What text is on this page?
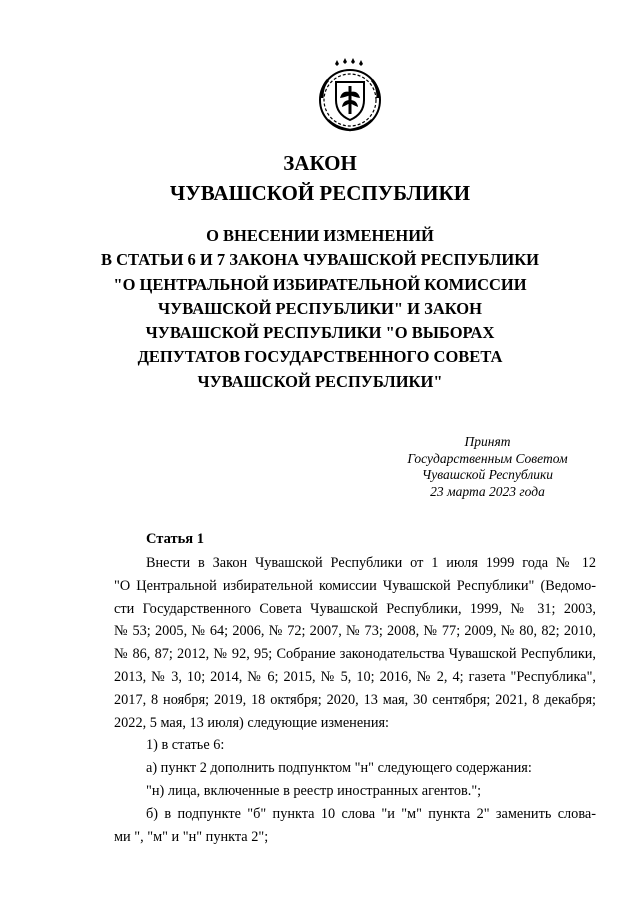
ЗАКОН
ЧУВАШСКОЙ РЕСПУБЛИКИ
О ВНЕСЕНИИ ИЗМЕНЕНИЙ
В СТАТЬИ 6 И 7 ЗАКОНА ЧУВАШСКОЙ РЕСПУБЛИКИ
"О ЦЕНТРАЛЬНОЙ ИЗБИРАТЕЛЬНОЙ КОМИССИИ
ЧУВАШСКОЙ РЕСПУБЛИКИ" И ЗАКОН
ЧУВАШСКОЙ РЕСПУБЛИКИ "О ВЫБОРАХ
ДЕПУТАТОВ ГОСУДАРСТВЕННОГО СОВЕТА
ЧУВАШСКОЙ РЕСПУБЛИКИ"
Принят
Государственным Советом
Чувашской Республики
23 марта 2023 года
Статья 1
Внести в Закон Чувашской Республики от 1 июля 1999 года № 12
"О Центральной избирательной комиссии Чувашской Республики" (Ведомо-
сти Государственного Совета Чувашской Республики, 1999, № 31; 2003,
№ 53; 2005, № 64; 2006, № 72; 2007, № 73; 2008, № 77; 2009, № 80, 82; 2010,
№ 86, 87; 2012, № 92, 95; Собрание законодательства Чувашской Республики,
2013, № 3, 10; 2014, № 6; 2015, № 5, 10; 2016, № 2, 4; газета "Республика",
2017, 8 ноября; 2019, 18 октября; 2020, 13 мая, 30 сентября; 2021, 8 декабря;
2022, 5 мая, 13 июля) следующие изменения:
1) в статье 6:
а) пункт 2 дополнить подпунктом "н" следующего содержания:
"н) лица, включенные в реестр иностранных агентов.";
б) в подпункте "б" пункта 10 слова "и "м" пункта 2" заменить слова-
ми ", "м" и "н" пункта 2";
